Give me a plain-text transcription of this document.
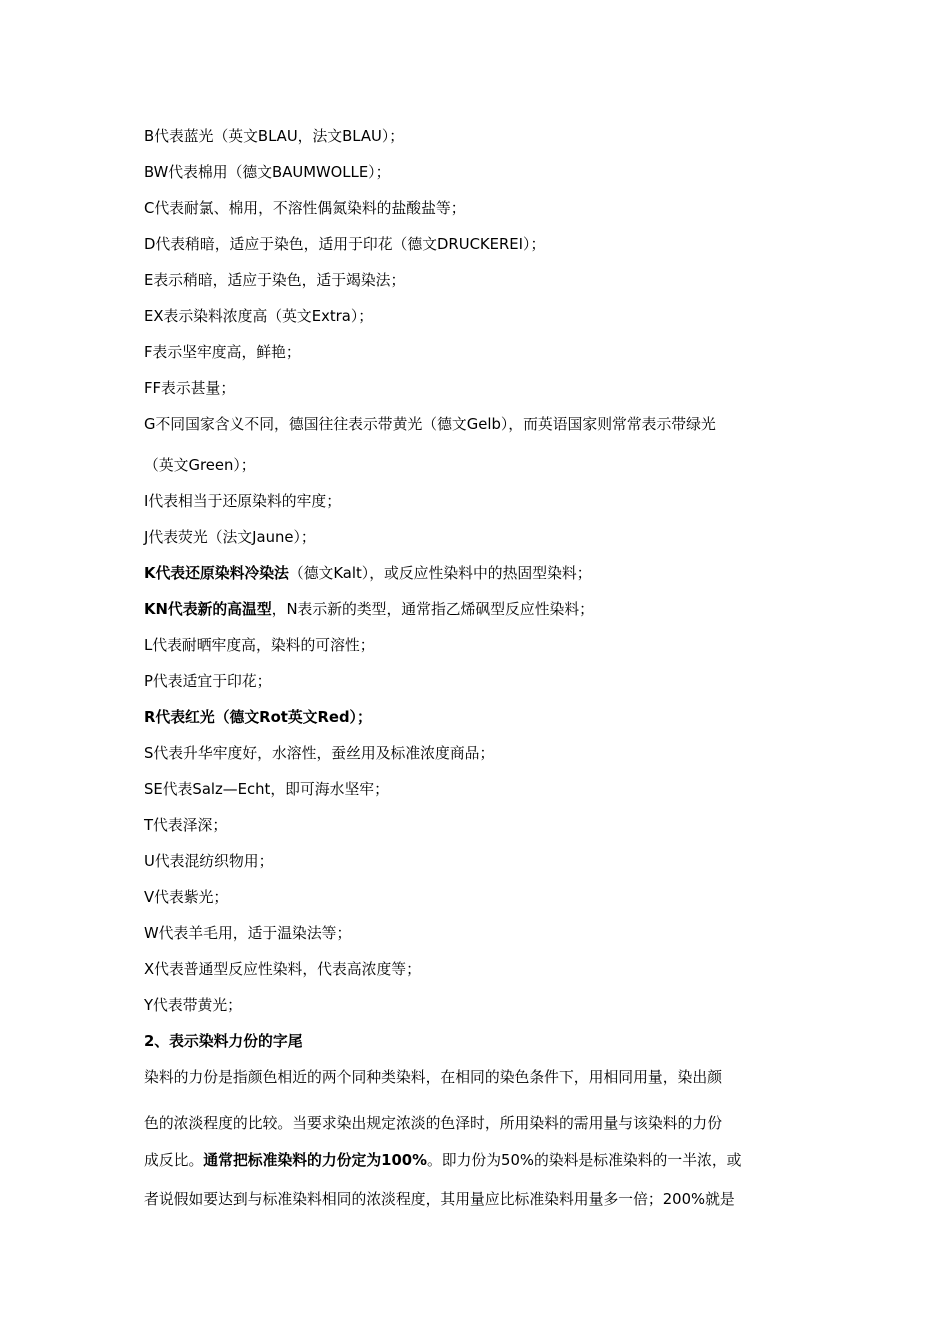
B代表蓝光（英文BLAU，法文BLAU）；
BW代表棉用（德文BAUMWOLLE）；
C代表耐氯、棉用，不溶性偶氮染料的盐酸盐等；
D代表稍暗，适应于染色，适用于印花（德文DRUCKEREI）；
E表示稍暗，适应于染色，适于竭染法；
EX表示染料浓度高（英文Extra）；
F表示坚牢度高，鲜艳；
FF表示甚量；
G不同国家含义不同，德国往往表示带黄光（德文Gelb），而英语国家则常常表示带绿光
（英文Green）；
I代表相当于还原染料的牢度；
J代表荧光（法文Jaune）；
K代表还原染料冷染法（德文Kalt），或反应性染料中的热固型染料；
KN代表新的高温型，N表示新的类型，通常指乙烯砜型反应性染料；
L代表耐晒牢度高，染料的可溶性；
P代表适宜于印花；
R代表红光（德文Rot英文Red）；
S代表升华牢度好，水溶性，蚕丝用及标准浓度商品；
SE代表Salz—Echt，即可海水坚牢；
T代表泽深；
U代表混纺织物用；
V代表紫光；
W代表羊毛用，适于温染法等；
X代表普通型反应性染料，代表高浓度等；
Y代表带黄光；
2、表示染料力份的字尾
染料的力份是指颜色相近的两个同种类染料，在相同的染色条件下，用相同用量，染出颜
色的浓淡程度的比较。当要求染出规定浓淡的色泽时，所用染料的需用量与该染料的力份
成反比。通常把标准染料的力份定为100%。即力份为50%的染料是标准染料的一半浓，或
者说假如要达到与标准染料相同的浓淡程度，其用量应比标准染料用量多一倍；200%就是
